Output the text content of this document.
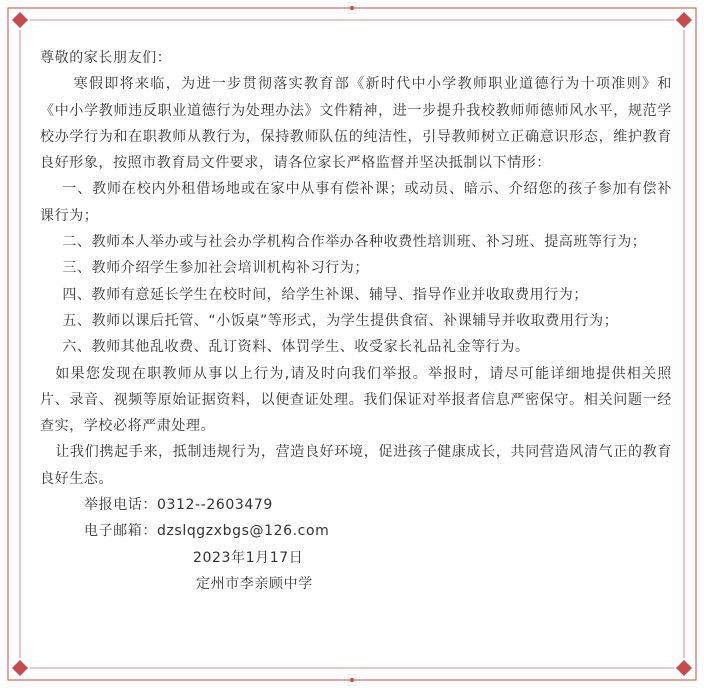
尊敬的家长朋友们：

寒假即将来临，为进一步贯彻落实教育部《新时代中小学教师职业道德行为十项准则》和《中小学教师违反职业道德行为处理办法》文件精神，进一步提升我校教师师德师风水平，规范学校办学行为和在职教师从教行为，保持教师队伍的纯洁性，引导教师树立正确意识形态，维护教育良好形象，按照市教育局文件要求，请各位家长严格监督并坚决抵制以下情形：

一、教师在校内外租借场地或在家中从事有偿补课；或动员、暗示、介绍您的孩子参加有偿补课行为；

二、教师本人举办或与社会办学机构合作举办各种收费性培训班、补习班、提高班等行为；

三、教师介绍学生参加社会培训机构补习行为；

四、教师有意延长学生在校时间，给学生补课、辅导、指导作业并收取费用行为；

五、教师以课后托管、“小饭桌”等形式，为学生提供食宿、补课辅导并收取费用行为；

六、教师其他乱收费、乱订资料、体罚学生、收受家长礼品礼金等行为。

如果您发现在职教师从事以上行为,请及时向我们举报。举报时，请尽可能详细地提供相关照片、录音、视频等原始证据资料，以便查证处理。我们保证对举报者信息严密保守。相关问题一经查实，学校必将严肃处理。

让我们携起手来，抵制违规行为，营造良好环境，促进孩子健康成长，共同营造风清气正的教育良好生态。

举报电话：0312--2603479

电子邮箱：dzslqgzxbgs@126.com

2023年1月17日

定州市李亲顾中学
